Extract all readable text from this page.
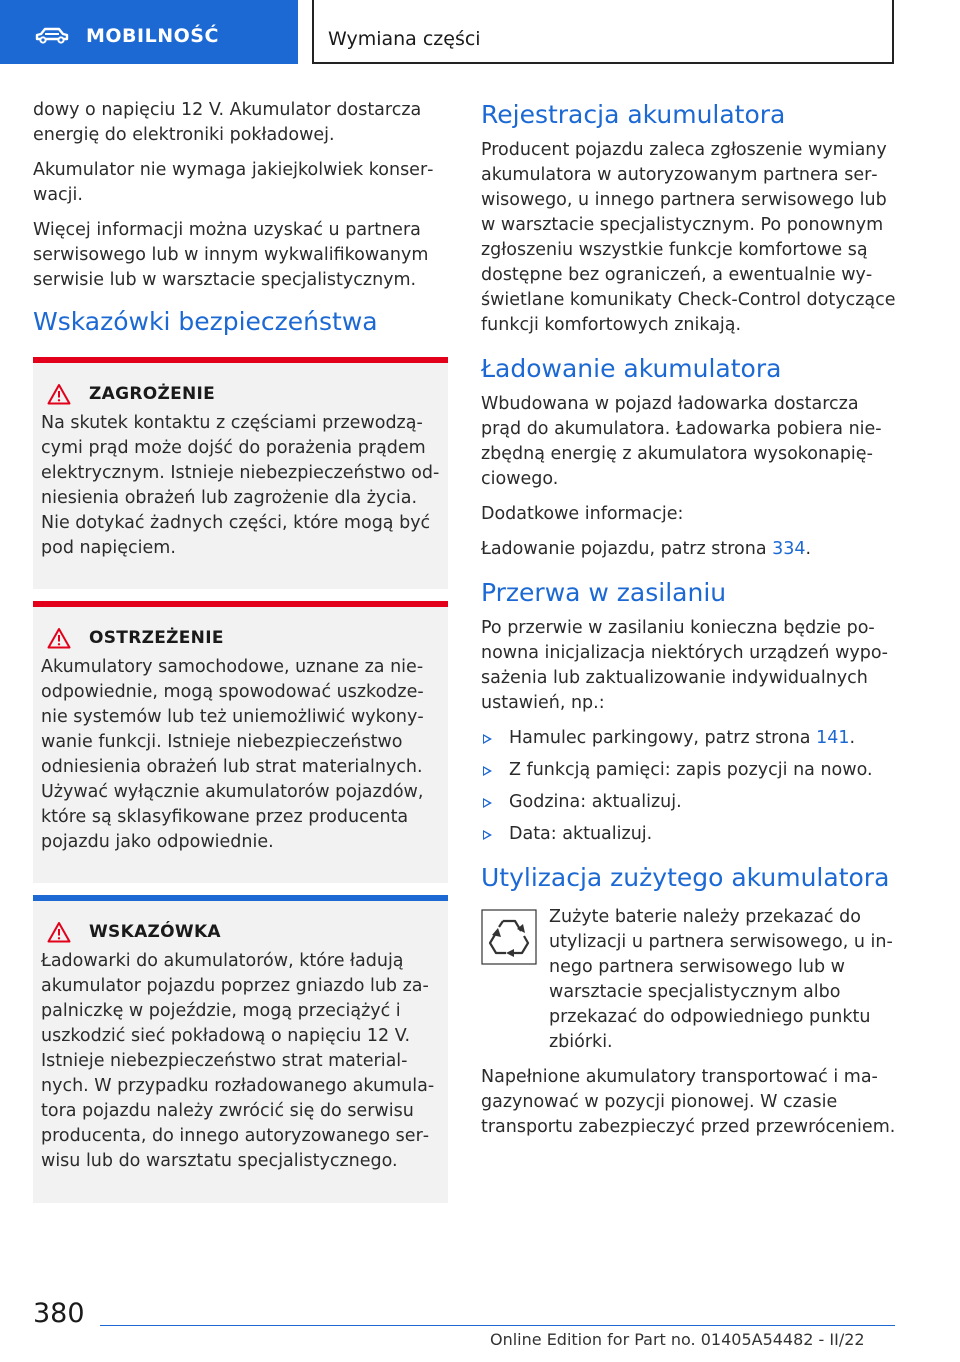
MOBILNOŚĆ	Wymiana części

dowy o napięciu 12 V. Akumulator dostarcza energię do elektroniki pokładowej.

Akumulator nie wymaga jakiejkolwiek konserwacji.

Więcej informacji można uzyskać u partnera serwisowego lub w innym wykwalifikowanym serwisie lub w warsztacie specjalistycznym.

Wskazówki bezpieczeństwa
ZAGROŻENIE

Na skutek kontaktu z częściami przewodzącymi prąd może dojść do porażenia prądem elektrycznym. Istnieje niebezpieczeństwo odniesienia obrażeń lub zagrożenie dla życia. Nie dotykać żadnych części, które mogą być pod napięciem.

OSTRZEŻENIE

Akumulatory samochodowe, uznane za nieodpowiednie, mogą spowodować uszkodzenie systemów lub też uniemożliwić wykonywanie funkcji. Istnieje niebezpieczeństwo odniesienia obrażeń lub strat materialnych. Używać wyłącznie akumulatorów pojazdów, które są sklasyfikowane przez producenta pojazdu jako odpowiednie.

WSKAZÓWKA

Ładowarki do akumulatorów, które ładują akumulator pojazdu poprzez gniazdo lub zapalniczkę w pojeździe, mogą przeciążyć i uszkodzić sieć pokładową o napięciu 12 V. Istnieje niebezpieczeństwo strat materialnych. W przypadku rozładowanego akumulatora pojazdu należy zwrócić się do serwisu producenta, do innego autoryzowanego serwisu lub do warsztatu specjalistycznego.

Rejestracja akumulatora

Producent pojazdu zaleca zgłoszenie wymiany akumulatora w autoryzowanym partnera serwisowego, u innego partnera serwisowego lub w warsztacie specjalistycznym. Po ponownym zgłoszeniu wszystkie funkcje komfortowe są dostępne bez ograniczeń, a ewentualnie wyświetlane komunikaty Check-Control dotyczące funkcji komfortowych znikają.

Ładowanie akumulatora

Wbudowana w pojazd ładowarka dostarcza prąd do akumulatora. Ładowarka pobiera niezbędną energię z akumulatora wysokonapięciowego.

Dodatkowe informacje:

Ładowanie pojazdu, patrz strona 334.

Przerwa w zasilaniu

Po przerwie w zasilaniu konieczna będzie ponowna inicjalizacja niektórych urządzeń wyposażenia lub zaktualizowanie indywidualnych ustawień, np.:

Hamulec parkingowy, patrz strona 141.
Z funkcją pamięci: zapis pozycji na nowo.
Godzina: aktualizuj.
Data: aktualizuj.
Utylizacja zużytego akumulatora

Zużyte baterie należy przekazać do utylizacji u partnera serwisowego, u innego partnera serwisowego lub w warsztacie specjalistycznym albo przekazać do odpowiedniego punktu zbiórki.

Napełnione akumulatory transportować i magazynować w pozycji pionowej. W czasie transportu zabezpieczyć przed przewróceniem.

380
Online Edition for Part no. 01405A54482 - II/22
